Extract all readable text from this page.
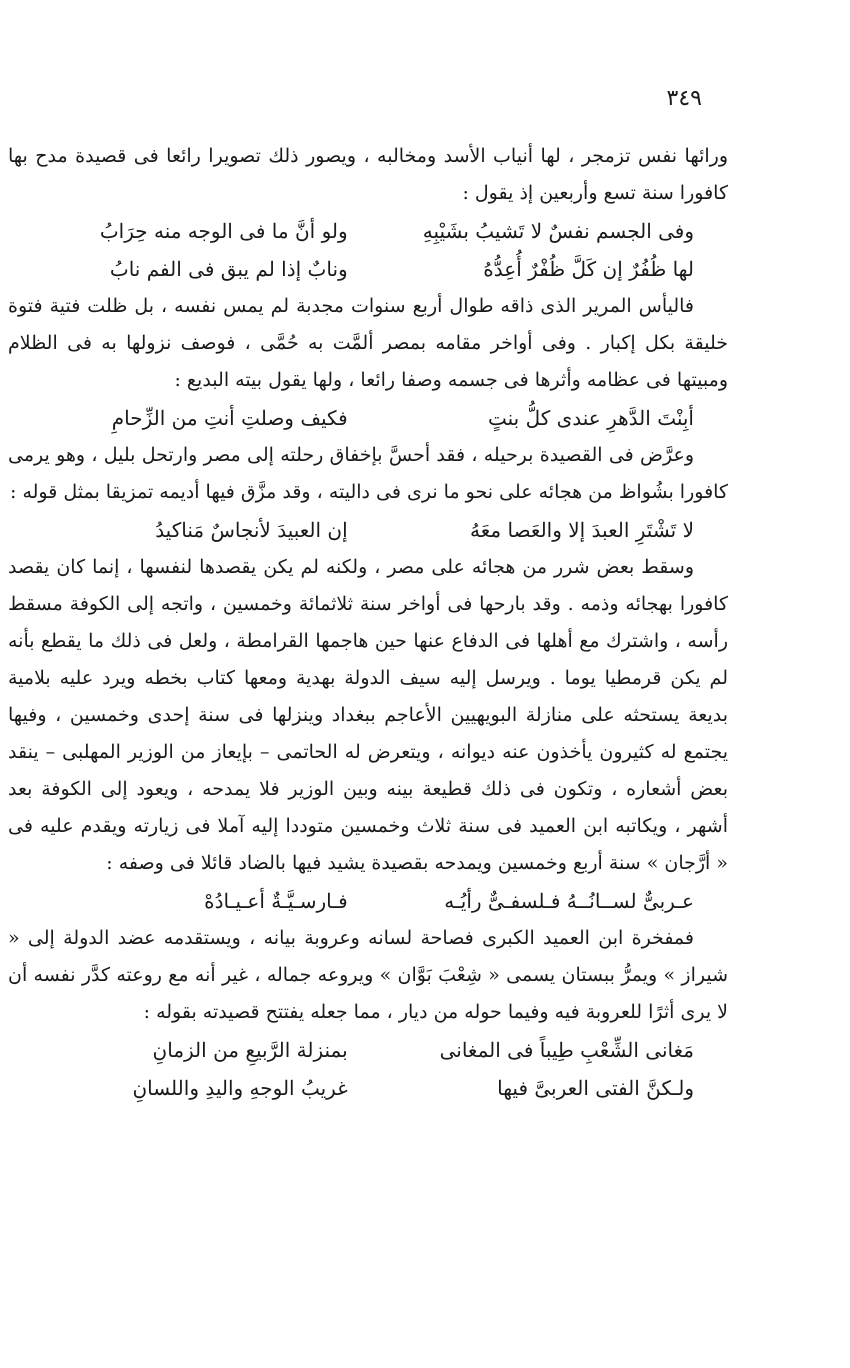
٣٤٩

ورائها نفس تزمجر ، لها أنياب الأسد ومخالبه ، ويصور ذلك تصويرا رائعا فى قصيدة مدح بها كافورا سنة تسع وأربعين إذ يقول :

وفى الجسم نفسٌ لا تَشيبُ بشَيْبِهِ
ولو أنَّ ما فى الوجه منه حِرَابُ
لها ظُفُرٌ إن كَلَّ ظُفْرٌ أُعِدُّهُ
ونابٌ إذا لم يبق فى الفم نابُ

فاليأس المرير الذى ذاقه طوال أربع سنوات مجدبة لم يمس نفسه ، بل ظلت فتية فتوة خليقة بكل إكبار . وفى أواخر مقامه بمصر ألمَّت به حُمَّى ، فوصف نزولها به فى الظلام ومبيتها فى عظامه وأثرها فى جسمه وصفا رائعا ، ولها يقول بيته البديع :

أبِنْتَ الدَّهرِ عندى كلُّ بنتٍ
فكيف وصلتِ أنتِ من الزِّحامِ

وعرَّض فى القصيدة برحيله ، فقد أحسَّ بإخفاق رحلته إلى مصر وارتحل بليل ، وهو يرمى كافورا بشُواظ من هجائه على نحو ما نرى فى داليته ، وقد مزَّق فيها أديمه تمزيقا بمثل قوله :

لا تَشْتَرِ العبدَ إلا والعَصا معَهُ
إن العبيدَ لأنجاسٌ مَناكيدُ

وسقط بعض شرر من هجائه على مصر ، ولكنه لم يكن يقصدها لنفسها ، إنما كان يقصد كافورا بهجائه وذمه . وقد بارحها فى أواخر سنة ثلاثمائة وخمسين ، واتجه إلى الكوفة مسقط رأسه ، واشترك مع أهلها فى الدفاع عنها حين هاجمها القرامطة ، ولعل فى ذلك ما يقطع بأنه لم يكن قرمطيا يوما . ويرسل إليه سيف الدولة بهدية ومعها كتاب بخطه ويرد عليه بلامية بديعة يستحثه على منازلة البويهيين الأعاجم ببغداد وينزلها فى سنة إحدى وخمسين ، وفيها يجتمع له كثيرون يأخذون عنه ديوانه ، ويتعرض له الحاتمى – بإيعاز من الوزير المهلبى – ينقد بعض أشعاره ، وتكون فى ذلك قطيعة بينه وبين الوزير فلا يمدحه ، ويعود إلى الكوفة بعد أشهر ، ويكاتبه ابن العميد فى سنة ثلاث وخمسين متوددا إليه آملا فى زيارته ويقدم عليه فى « أرَّجان » سنة أربع وخمسين ويمدحه بقصيدة يشيد فيها بالضاد قائلا فى وصفه :

عـربىٌّ لســانُــهُ فـلسفـىٌّ رأيُـه
فـارسـيَّـةٌ أعـيـادُهْ

فمفخرة ابن العميد الكبرى فصاحة لسانه وعروبة بيانه ، ويستقدمه عضد الدولة إلى « شيراز » ويمرُّ ببستان يسمى « شِعْبَ بَوَّان » ويروعه جماله ، غير أنه مع روعته كدَّر نفسه أن لا يرى أثرًا للعروبة فيه وفيما حوله من ديار ، مما جعله يفتتح قصيدته بقوله :

مَغانى الشِّعْبِ طِيباً فى المغانى
بمنزلة الرَّبيعِ من الزمانِ
ولـكنَّ الفتى العربىَّ فيها
غريبُ الوجهِ واليدِ واللسانِ
